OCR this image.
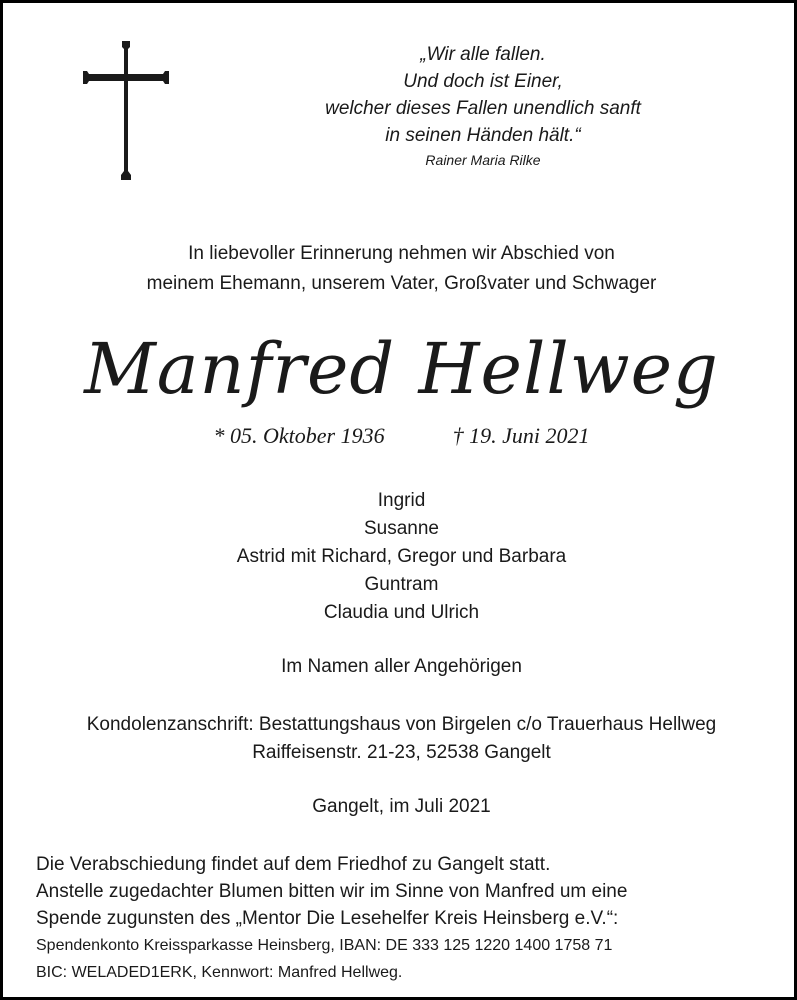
„Wir alle fallen.
Und doch ist Einer,
welcher dieses Fallen unendlich sanft
in seinen Händen hält.“
Rainer Maria Rilke
In liebevoller Erinnerung nehmen wir Abschied von
meinem Ehemann, unserem Vater, Großvater und Schwager
Manfred Hellweg
* 05. Oktober 1936	† 19. Juni 2021
Ingrid
Susanne
Astrid mit Richard, Gregor und Barbara
Guntram
Claudia und Ulrich
Im Namen aller Angehörigen
Kondolenzanschrift: Bestattungshaus von Birgelen c/o Trauerhaus Hellweg
Raiffeisenstr. 21-23, 52538 Gangelt
Gangelt, im Juli 2021
Die Verabschiedung findet auf dem Friedhof zu Gangelt statt.
Anstelle zugedachter Blumen bitten wir im Sinne von Manfred um eine
Spende zugunsten des „Mentor Die Lesehelfer Kreis Heinsberg e.V.“:
Spendenkonto Kreissparkasse Heinsberg, IBAN: DE 333 125 1220 1400 1758 71
BIC: WELADED1ERK, Kennwort: Manfred Hellweg.
